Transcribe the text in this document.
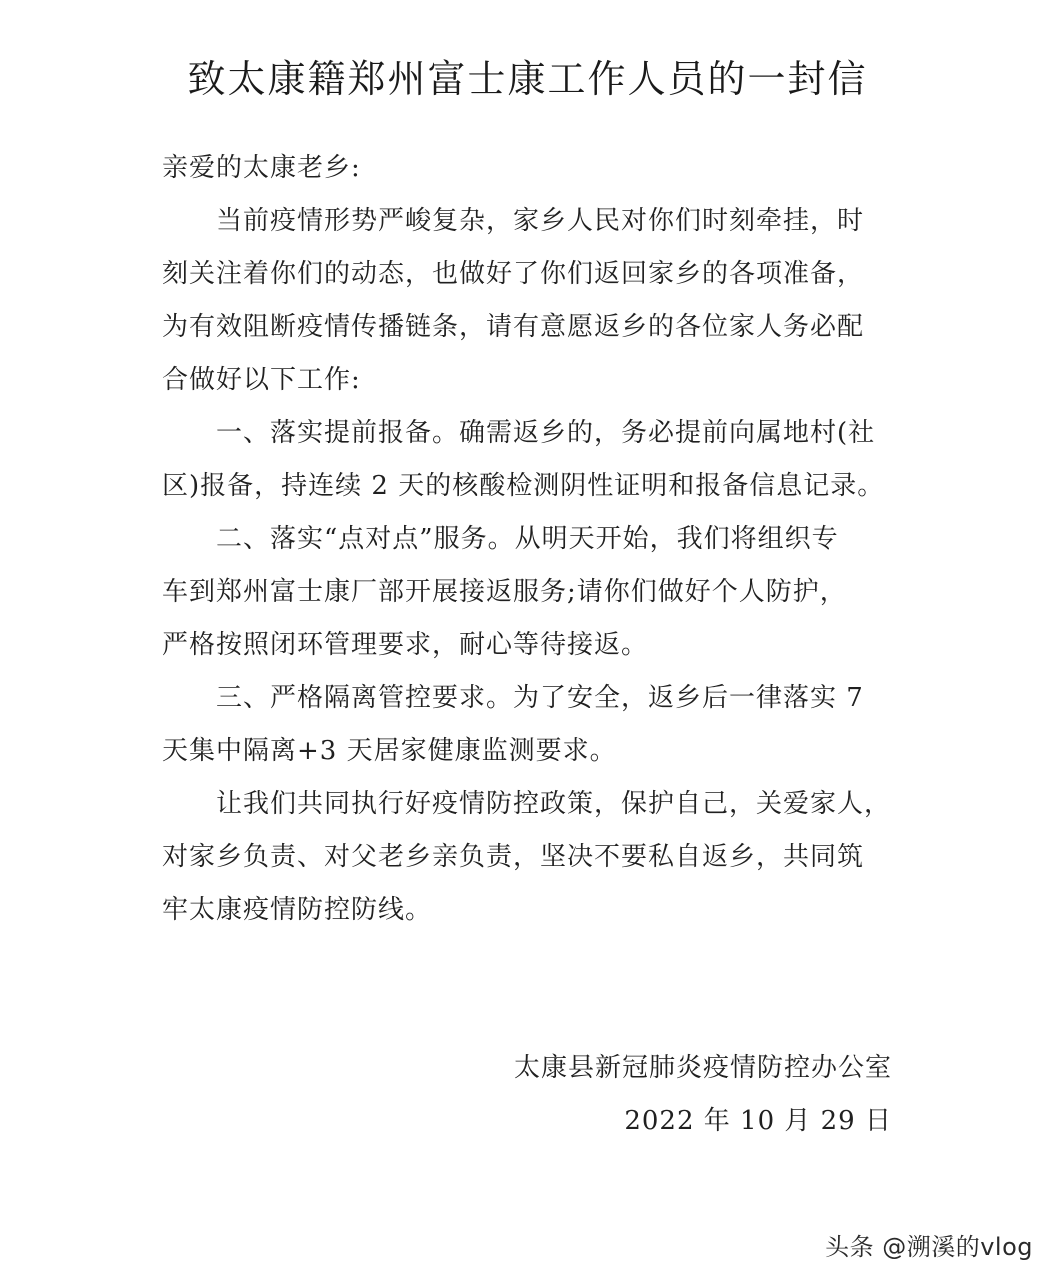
致太康籍郑州富士康工作人员的一封信
亲爱的太康老乡:
当前疫情形势严峻复杂，家乡人民对你们时刻牵挂，时
刻关注着你们的动态，也做好了你们返回家乡的各项准备，
为有效阻断疫情传播链条，请有意愿返乡的各位家人务必配
合做好以下工作:
一、落实提前报备。确需返乡的，务必提前向属地村(社
区)报备，持连续 2 天的核酸检测阴性证明和报备信息记录。
二、落实“点对点”服务。从明天开始，我们将组织专
车到郑州富士康厂部开展接返服务;请你们做好个人防护，
严格按照闭环管理要求，耐心等待接返。
三、严格隔离管控要求。为了安全，返乡后一律落实 7
天集中隔离+3 天居家健康监测要求。
让我们共同执行好疫情防控政策，保护自己，关爱家人，
对家乡负责、对父老乡亲负责，坚决不要私自返乡，共同筑
牢太康疫情防控防线。
太康县新冠肺炎疫情防控办公室
2022 年 10 月 29 日
头条 @溯溪的vlog
